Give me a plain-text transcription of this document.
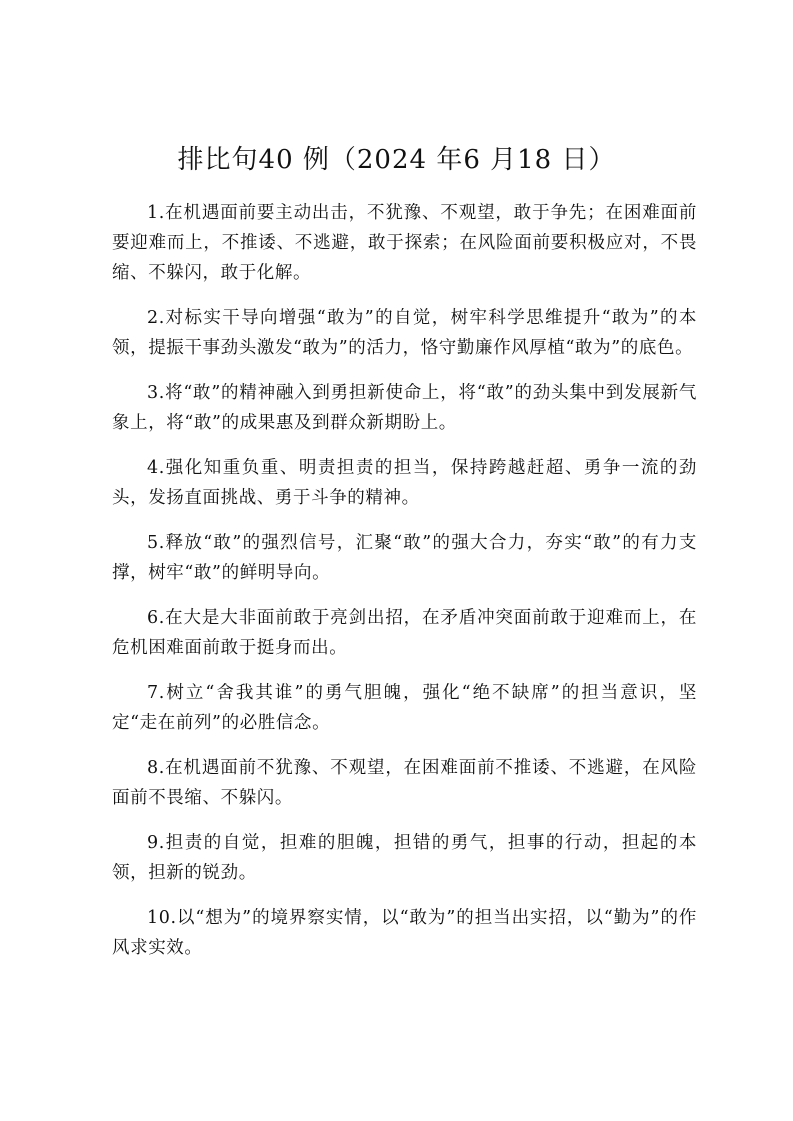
排比句40 例（2024 年6 月18 日）

1.在机遇面前要主动出击，不犹豫、不观望，敢于争先；在困难面前要迎难而上，不推诿、不逃避，敢于探索；在风险面前要积极应对，不畏缩、不躲闪，敢于化解。

2.对标实干导向增强“敢为”的自觉，树牢科学思维提升“敢为”的本领，提振干事劲头激发“敢为”的活力，恪守勤廉作风厚植“敢为”的底色。

3.将“敢”的精神融入到勇担新使命上，将“敢”的劲头集中到发展新气象上，将“敢”的成果惠及到群众新期盼上。

4.强化知重负重、明责担责的担当，保持跨越赶超、勇争一流的劲头，发扬直面挑战、勇于斗争的精神。

5.释放“敢”的强烈信号，汇聚“敢”的强大合力，夯实“敢”的有力支撑，树牢“敢”的鲜明导向。

6.在大是大非面前敢于亮剑出招，在矛盾冲突面前敢于迎难而上，在危机困难面前敢于挺身而出。

7.树立“舍我其谁”的勇气胆魄，强化“绝不缺席”的担当意识，坚定“走在前列”的必胜信念。

8.在机遇面前不犹豫、不观望，在困难面前不推诿、不逃避，在风险面前不畏缩、不躲闪。

9.担责的自觉，担难的胆魄，担错的勇气，担事的行动，担起的本领，担新的锐劲。

10.以“想为”的境界察实情，以“敢为”的担当出实招，以“勤为”的作风求实效。
